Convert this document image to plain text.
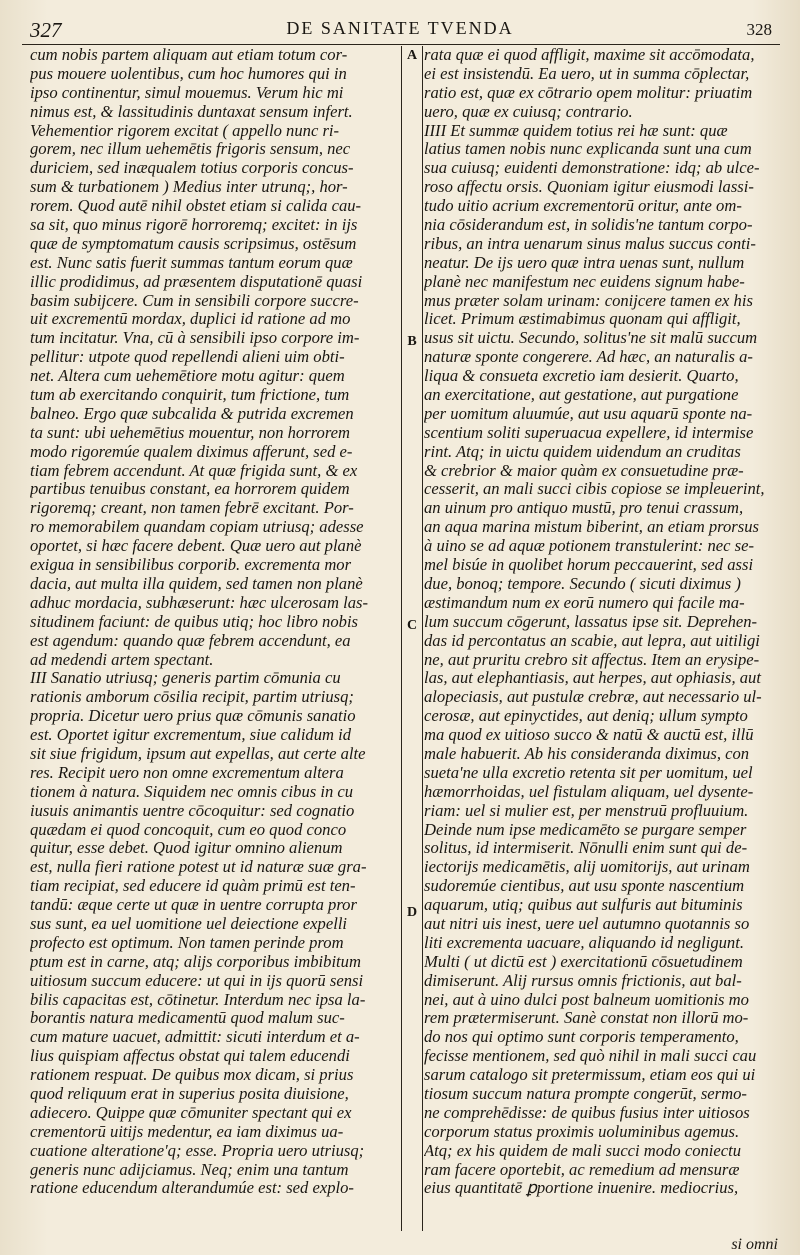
327	DE SANITATE TVENDA	328
cum nobis partem aliquam aut etiam totum cor-
pus mouere uolentibus, cum hoc humores qui in
ipso continentur, simul mouemus. Verum hic mi
nimus est, & lassitudinis duntaxat sensum infert.
Vehementior rigorem excitat ( appello nunc ri-
gorem, nec illum uehemētis frigoris sensum, nec
duriciem, sed inæqualem totius corporis concus-
sum & turbationem ) Medius inter utrunq;, hor-
rorem. Quod autē nihil obstet etiam si calida cau-
sa sit, quo minus rigorē horroremq; excitet: in ijs
quæ de symptomatum causis scripsimus, ostēsum
est. Nunc satis fuerit summas tantum eorum quæ
illic prodidimus, ad præsentem disputationē quasi
basim subijcere. Cum in sensibili corpore succre-
uit excrementū mordax, duplici id ratione ad mo
tum incitatur. Vna, cū à sensibili ipso corpore im-
pellitur: utpote quod repellendi alieni uim obti-
net. Altera cum uehemētiore motu agitur: quem
tum ab exercitando conquirit, tum frictione, tum
balneo. Ergo quæ subcalida & putrida excremen
ta sunt: ubi uehemētius mouentur, non horrorem
modo rigoremúe qualem diximus afferunt, sed e-
tiam febrem accendunt. At quæ frigida sunt, & ex
partibus tenuibus constant, ea horrorem quidem
rigoremq; creant, non tamen febrē excitant. Por-
ro memorabilem quandam copiam utriusq; adesse
oportet, si hæc facere debent. Quæ uero aut planè
exigua in sensibilibus corporib. excrementa mor
dacia, aut multa illa quidem, sed tamen non planè
adhuc mordacia, subhæserunt: hæc ulcerosam las-
situdinem faciunt: de quibus utiq; hoc libro nobis
est agendum: quando quæ febrem accendunt, ea
ad medendi artem spectant.
III Sanatio utriusq; generis partim cōmunia cu
rationis amborum cōsilia recipit, partim utriusq;
propria. Dicetur uero prius quæ cōmunis sanatio
est. Oportet igitur excrementum, siue calidum id
sit siue frigidum, ipsum aut expellas, aut certe alte
res. Recipit uero non omne excrementum altera
tionem à natura. Siquidem nec omnis cibus in cu
iusuis animantis uentre cōcoquitur: sed cognatio
quædam ei quod concoquit, cum eo quod conco
quitur, esse debet. Quod igitur omnino alienum
est, nulla fieri ratione potest ut id naturæ suæ gra-
tiam recipiat, sed educere id quàm primū est ten-
tandū: æque certe ut quæ in uentre corrupta pror
sus sunt, ea uel uomitione uel deiectione expelli
profecto est optimum. Non tamen perinde prom
ptum est in carne, atq; alijs corporibus imbibitum
uitiosum succum educere: ut qui in ijs quorū sensi
bilis capacitas est, cōtinetur. Interdum nec ipsa la-
borantis natura medicamentū quod malum suc-
cum mature uacuet, admittit: sicuti interdum et a-
lius quispiam affectus obstat qui talem educendi
rationem respuat. De quibus mox dicam, si prius
quod reliquum erat in superius posita diuisione,
adiecero. Quippe quæ cōmuniter spectant qui ex
crementorū uitijs medentur, ea iam diximus ua-
cuatione alteratione'q; esse. Propria uero utriusq;
generis nunc adijciamus. Neq; enim una tantum
ratione educendum alterandumúe est: sed explo-
A
B
C
D
rata quæ ei quod affligit, maxime sit accōmodata,
ei est insistendū. Ea uero, ut in summa cōplectar,
ratio est, quæ ex cōtrario opem molitur: priuatim
uero, quæ ex cuiusq; contrario.
IIII Et summæ quidem totius rei hæ sunt: quæ
latius tamen nobis nunc explicanda sunt una cum
sua cuiusq; euidenti demonstratione: idq; ab ulce-
roso affectu orsis. Quoniam igitur eiusmodi lassi-
tudo uitio acrium excrementorū oritur, ante om-
nia cōsiderandum est, in solidis'ne tantum corpo-
ribus, an intra uenarum sinus malus succus conti-
neatur. De ijs uero quæ intra uenas sunt, nullum
planè nec manifestum nec euidens signum habe-
mus præter solam urinam: conijcere tamen ex his
licet. Primum æstimabimus quonam qui affligit,
usus sit uictu. Secundo, solitus'ne sit malū succum
naturæ sponte congerere. Ad hæc, an naturalis a-
liqua & consueta excretio iam desierit. Quarto,
an exercitatione, aut gestatione, aut purgatione
per uomitum aluumúe, aut usu aquarū sponte na-
scentium soliti superuacua expellere, id intermise
rint. Atq; in uictu quidem uidendum an cruditas
& crebrior & maior quàm ex consuetudine præ-
cesserit, an mali succi cibis copiose se impleuerint,
an uinum pro antiquo mustū, pro tenui crassum,
an aqua marina mistum biberint, an etiam prorsus
à uino se ad aquæ potionem transtulerint: nec se-
mel bisúe in quolibet horum peccauerint, sed assi
due, bonoq; tempore. Secundo ( sicuti diximus )
æstimandum num ex eorū numero qui facile ma-
lum succum cōgerunt, lassatus ipse sit. Deprehen-
das id percontatus an scabie, aut lepra, aut uitiligi
ne, aut pruritu crebro sit affectus. Item an erysipe-
las, aut elephantiasis, aut herpes, aut ophiasis, aut
alopeciasis, aut pustulæ crebræ, aut necessario ul-
cerosæ, aut epinyctides, aut deniq; ullum sympto
ma quod ex uitioso succo & natū & auctū est, illū
male habuerit. Ab his consideranda diximus, con
sueta'ne ulla excretio retenta sit per uomitum, uel
hæmorrhoidas, uel fistulam aliquam, uel dysente-
riam: uel si mulier est, per menstruū profluuium.
Deinde num ipse medicamēto se purgare semper
solitus, id intermiserit. Nōnulli enim sunt qui de-
iectorijs medicamētis, alij uomitorijs, aut urinam
sudoremúe cientibus, aut usu sponte nascentium
aquarum, utiq; quibus aut sulfuris aut bituminis
aut nitri uis inest, uere uel autumno quotannis so
liti excrementa uacuare, aliquando id negligunt.
Multi ( ut dictū est ) exercitationū cōsuetudinem
dimiserunt. Alij rursus omnis frictionis, aut bal-
nei, aut à uino dulci post balneum uomitionis mo
rem prætermiserunt. Sanè constat non illorū mo-
do nos qui optimo sunt corporis temperamento,
fecisse mentionem, sed quò nihil in mali succi cau
sarum catalogo sit pretermissum, etiam eos qui ui
tiosum succum natura prompte congerūt, sermo-
ne comprehēdisse: de quibus fusius inter uitiosos
corporum status proximis uoluminibus agemus.
Atq; ex his quidem de mali succi modo coniectu
ram facere oportebit, ac remedium ad mensuræ
eius quantitatē ꝑportione inuenire. mediocrius,
si omni
